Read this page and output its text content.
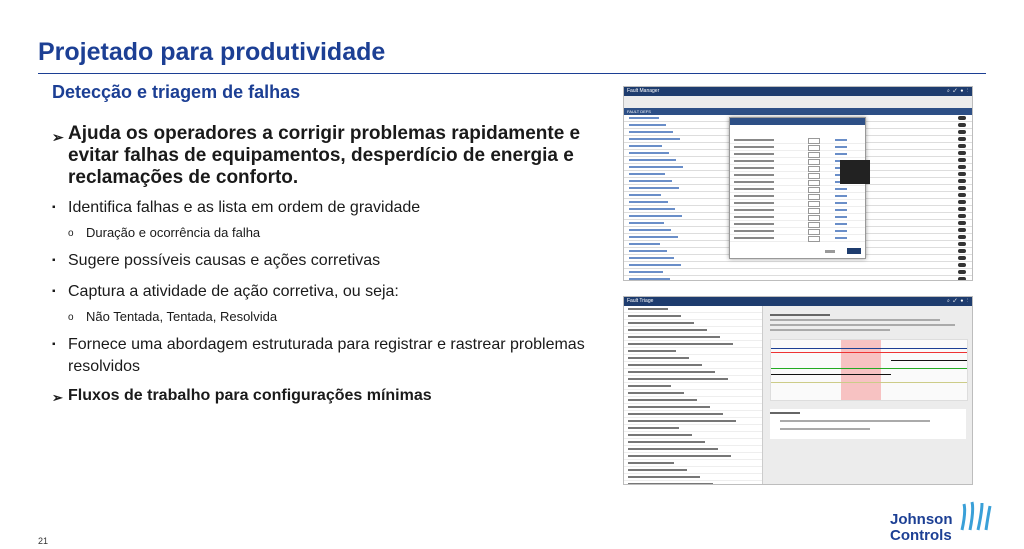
Projetado para produtividade
Detecção e triagem de falhas
➢ Ajuda os operadores a corrigir problemas rapidamente e evitar falhas de equipamentos, desperdício de energia e reclamações de conforto.
▪ Identifica falhas e as lista em ordem de gravidade
o Duração e ocorrência da falha
▪ Sugere possíveis causas e ações corretivas
▪ Captura a atividade de ação corretiva, ou seja:
o Não Tentada, Tentada, Resolvida
▪ Fornece uma abordagem estruturada para registrar e rastrear problemas resolvidos
➢ Fluxos de trabalho para configurações mínimas
Fault Manager	⌕ ✓ ● ⋮
FAULT DEFS
Fault Triage	⌕ ✓ ● ⋮
21
Johnson
Controls
